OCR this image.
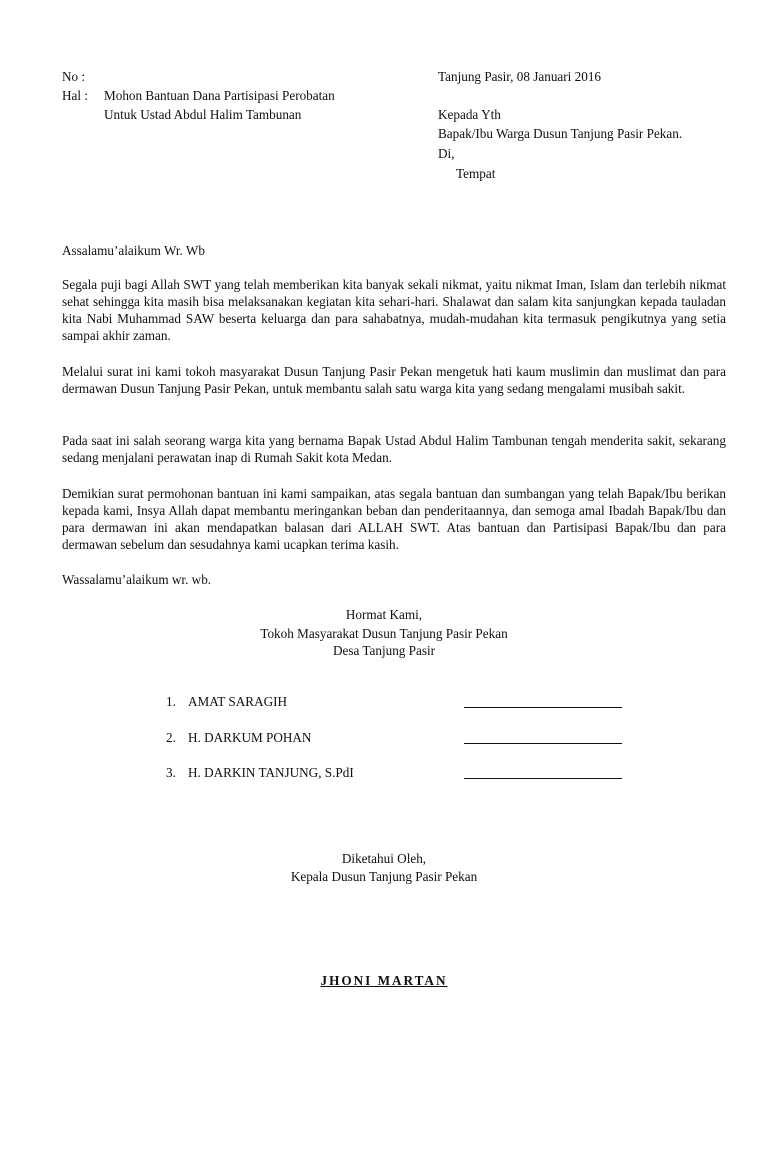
No :
Hal : Mohon Bantuan Dana Partisipasi Perobatan
Untuk Ustad Abdul Halim Tambunan
Tanjung Pasir, 08 Januari 2016
Kepada Yth
Bapak/Ibu Warga Dusun Tanjung Pasir Pekan.
Di,
Tempat
Assalamu’alaikum Wr. Wb
Segala puji bagi Allah SWT yang telah memberikan kita banyak sekali nikmat, yaitu nikmat Iman, Islam dan terlebih nikmat sehat sehingga kita masih bisa melaksanakan kegiatan kita sehari-hari. Shalawat dan salam kita sanjungkan kepada tauladan kita Nabi Muhammad SAW beserta keluarga dan para sahabatnya, mudah-mudahan kita termasuk pengikutnya yang setia sampai akhir zaman.
Melalui surat ini kami tokoh masyarakat Dusun Tanjung Pasir Pekan mengetuk hati kaum muslimin dan muslimat dan para dermawan Dusun Tanjung Pasir Pekan, untuk membantu salah satu warga kita yang sedang mengalami musibah sakit.
Pada saat ini salah seorang warga kita yang bernama Bapak Ustad Abdul Halim Tambunan tengah menderita sakit, sekarang sedang menjalani perawatan inap di Rumah Sakit kota Medan.
Demikian surat permohonan bantuan ini kami sampaikan, atas segala bantuan dan sumbangan yang telah Bapak/Ibu berikan kepada kami, Insya Allah dapat membantu meringankan beban dan penderitaannya, dan semoga amal Ibadah Bapak/Ibu dan para dermawan ini akan mendapatkan balasan dari ALLAH SWT. Atas bantuan dan Partisipasi Bapak/Ibu dan para dermawan sebelum dan sesudahnya kami ucapkan terima kasih.
Wassalamu’alaikum wr. wb.
Hormat Kami,
Tokoh Masyarakat Dusun Tanjung Pasir Pekan
Desa Tanjung Pasir
1. AMAT SARAGIH
2. H. DARKUM POHAN
3. H. DARKIN TANJUNG, S.PdI
Diketahui Oleh,
Kepala Dusun Tanjung Pasir Pekan
JHONI MARTAN
